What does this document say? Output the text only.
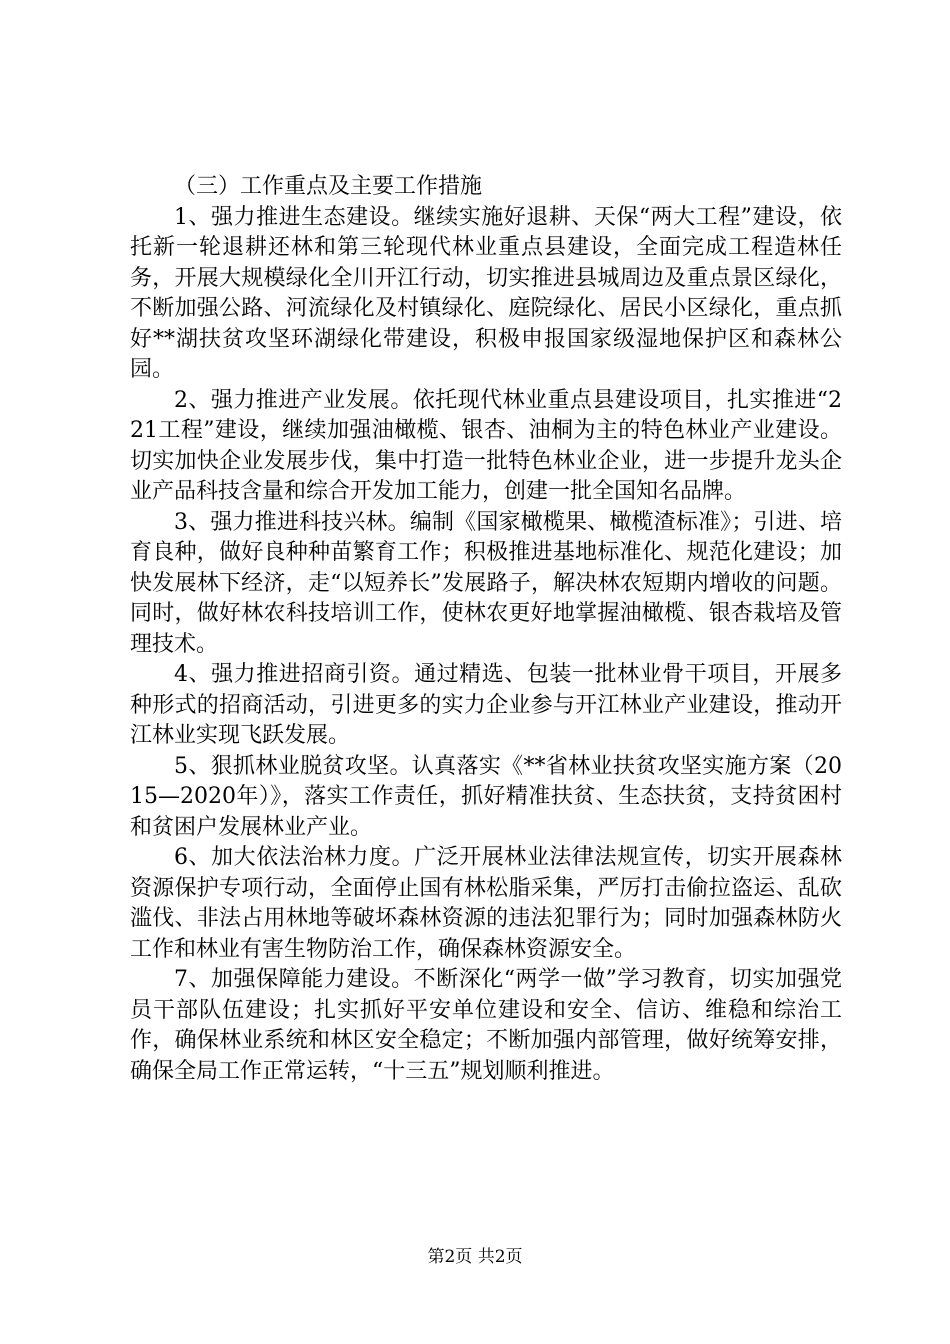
（三）工作重点及主要工作措施

1、强力推进生态建设。继续实施好退耕、天保“两大工程”建设，依托新一轮退耕还林和第三轮现代林业重点县建设，全面完成工程造林任务，开展大规模绿化全川开江行动，切实推进县城周边及重点景区绿化，不断加强公路、河流绿化及村镇绿化、庭院绿化、居民小区绿化，重点抓好**湖扶贫攻坚环湖绿化带建设，积极申报国家级湿地保护区和森林公园。

2、强力推进产业发展。依托现代林业重点县建设项目，扎实推进“221工程”建设，继续加强油橄榄、银杏、油桐为主的特色林业产业建设。切实加快企业发展步伐，集中打造一批特色林业企业，进一步提升龙头企业产品科技含量和综合开发加工能力，创建一批全国知名品牌。

3、强力推进科技兴林。编制《国家橄榄果、橄榄渣标准》；引进、培育良种，做好良种种苗繁育工作；积极推进基地标准化、规范化建设；加快发展林下经济，走“以短养长”发展路子，解决林农短期内增收的问题。同时，做好林农科技培训工作，使林农更好地掌握油橄榄、银杏栽培及管理技术。

4、强力推进招商引资。通过精选、包装一批林业骨干项目，开展多种形式的招商活动，引进更多的实力企业参与开江林业产业建设，推动开江林业实现飞跃发展。

5、狠抓林业脱贫攻坚。认真落实《**省林业扶贫攻坚实施方案（2015—2020年）》，落实工作责任，抓好精准扶贫、生态扶贫，支持贫困村和贫困户发展林业产业。

6、加大依法治林力度。广泛开展林业法律法规宣传，切实开展森林资源保护专项行动，全面停止国有林松脂采集，严厉打击偷拉盗运、乱砍滥伐、非法占用林地等破坏森林资源的违法犯罪行为；同时加强森林防火工作和林业有害生物防治工作，确保森林资源安全。

7、加强保障能力建设。不断深化“两学一做”学习教育，切实加强党员干部队伍建设；扎实抓好平安单位建设和安全、信访、维稳和综治工作，确保林业系统和林区安全稳定；不断加强内部管理，做好统筹安排，确保全局工作正常运转，“十三五”规划顺利推进。

第2页 共2页
